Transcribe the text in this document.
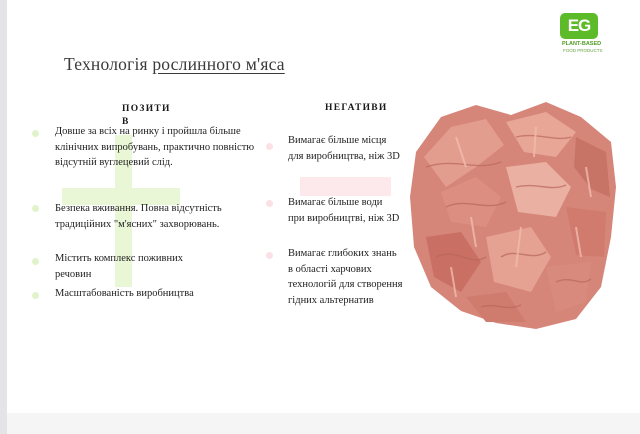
Технологія рослинного м'яса
EG
PLANT-BASED
FOOD PRODUCTS
ПОЗИТИ
В
Довше за всіх на ринку і пройшла більше клінічних випробувань, практично повністю відсутній вуглецевий слід.
Безпека вживання. Повна відсутність традиційних "м'ясних" захворювань.
Містить комплекс поживних речовин
Масштабованість виробництва
НЕГАТИВИ
Вимагає більше місця для виробництва, ніж 3D
Вимагає більше води при виробництві, ніж 3D
Вимагає глибоких знань в області харчових технологій для створення гідних альтернатив
